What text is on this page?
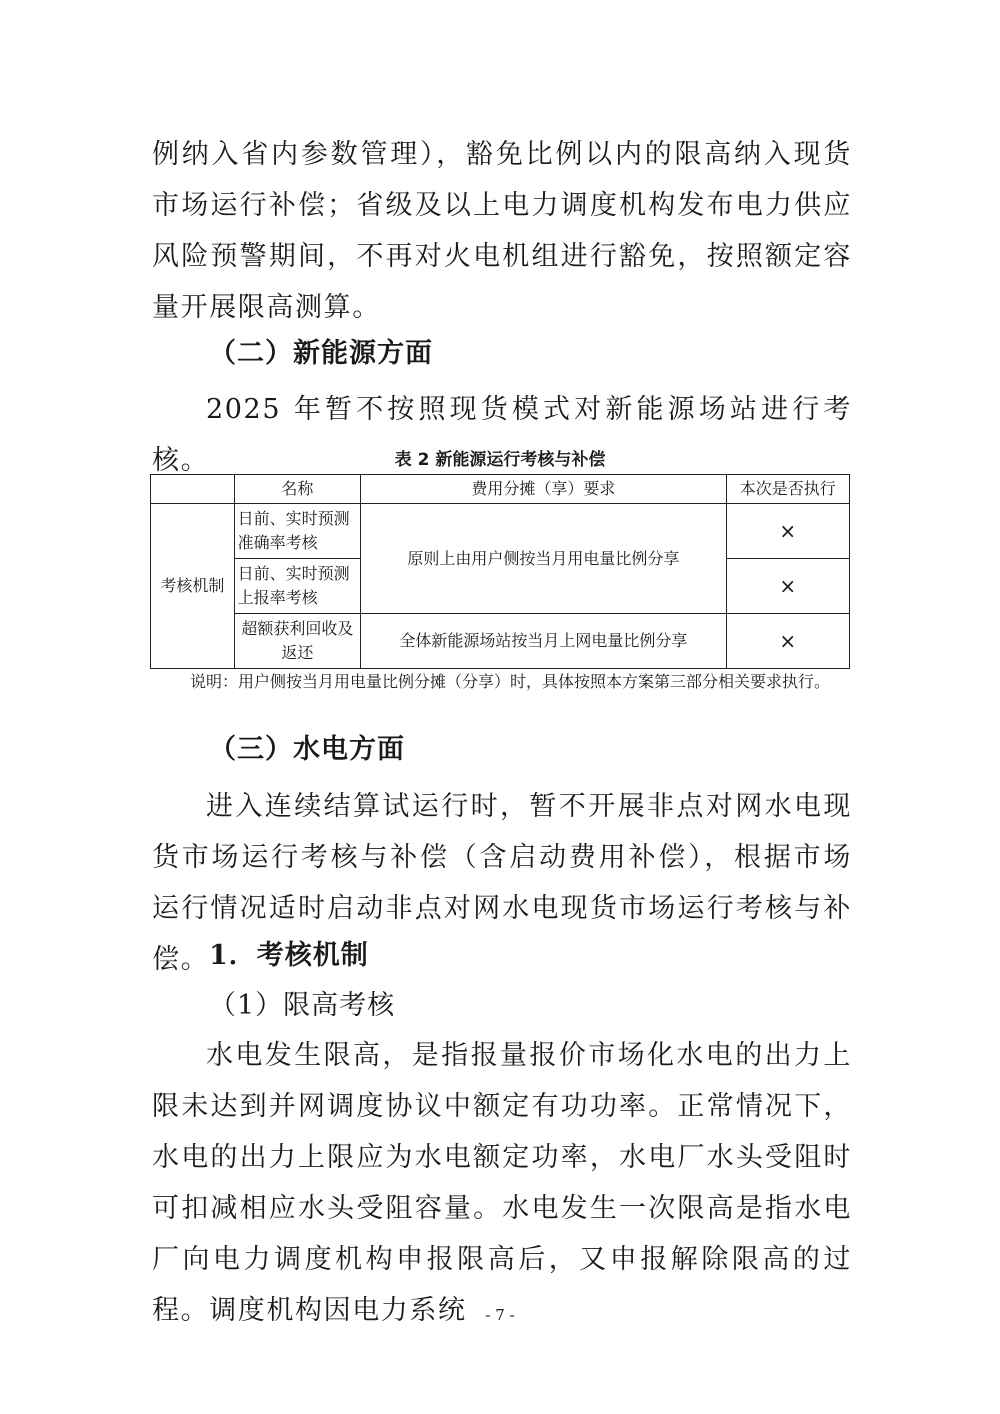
例纳入省内参数管理），豁免比例以内的限高纳入现货市场运行补偿；省级及以上电力调度机构发布电力供应风险预警期间，不再对火电机组进行豁免，按照额定容量开展限高测算。

（二）新能源方面

2025 年暂不按照现货模式对新能源场站进行考核。	表 2 新能源运行考核与补偿

	名称	费用分摊（享）要求	本次是否执行
考核机制	日前、实时预测准确率考核	原则上由用户侧按当月用电量比例分享	×
	日前、实时预测上报率考核		×
	超额获利回收及返还	全体新能源场站按当月上网电量比例分享	×

说明：用户侧按当月用电量比例分摊（分享）时，具体按照本方案第三部分相关要求执行。

（三）水电方面

进入连续结算试运行时，暂不开展非点对网水电现货市场运行考核与补偿（含启动费用补偿），根据市场运行情况适时启动非点对网水电现货市场运行考核与补偿。 1．考核机制

（1）限高考核

水电发生限高，是指报量报价市场化水电的出力上限未达到并网调度协议中额定有功功率。正常情况下，水电的出力上限应为水电额定功率，水电厂水头受阻时可扣减相应水头受阻容量。水电发生一次限高是指水电厂向电力调度机构申报限高后，又申报解除限高的过程。调度机构因电力系统	- 7 -
